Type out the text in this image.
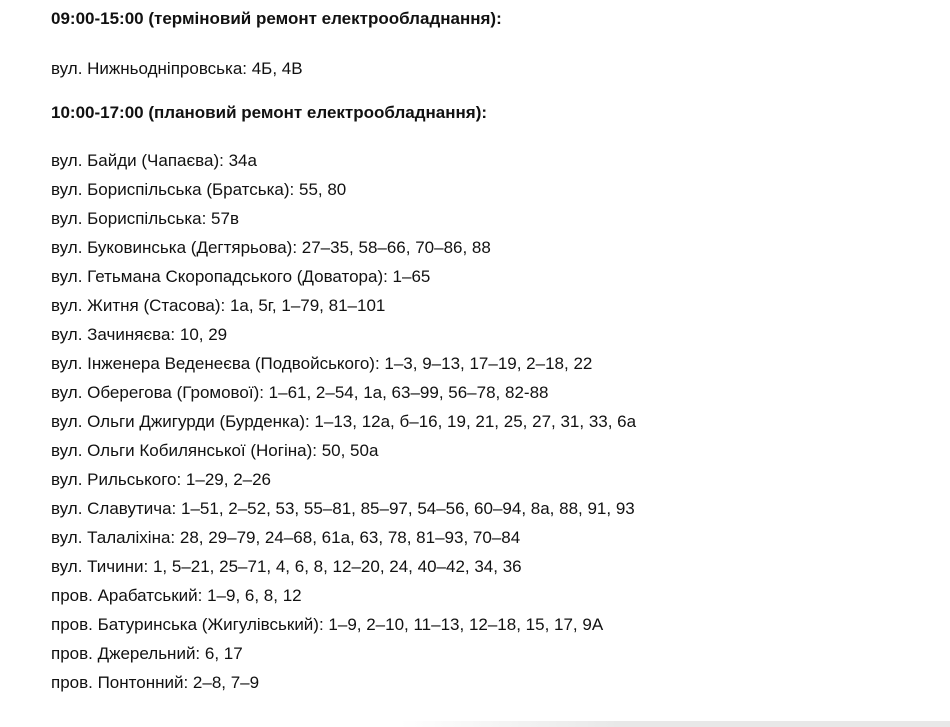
09:00-15:00 (терміновий ремонт електрообладнання):

вул. Нижньодніпровська: 4Б, 4В

10:00-17:00 (плановий ремонт електрообладнання):

вул. Байди (Чапаєва): 34а

вул. Бориспільська (Братська): 55, 80

вул. Бориспільська: 57в

вул. Буковинська (Дегтярьова): 27–35, 58–66, 70–86, 88

вул. Гетьмана Скоропадського (Доватора): 1–65

вул. Житня (Стасова): 1а, 5г, 1–79, 81–101

вул. Зачиняєва: 10, 29

вул. Інженера Веденеєва (Подвойського): 1–3, 9–13, 17–19, 2–18, 22

вул. Оберегова (Громової): 1–61, 2–54, 1а, 63–99, 56–78, 82-88

вул. Ольги Джигурди (Бурденка): 1–13, 12а, б–16, 19, 21, 25, 27, 31, 33, 6а

вул. Ольги Кобилянської (Ногіна): 50, 50а

вул. Рильського: 1–29, 2–26

вул. Славутича: 1–51, 2–52, 53, 55–81, 85–97, 54–56, 60–94, 8а, 88, 91, 93

вул. Талаліхіна: 28, 29–79, 24–68, 61а, 63, 78, 81–93, 70–84

вул. Тичини: 1, 5–21, 25–71, 4, 6, 8, 12–20, 24, 40–42, 34, 36

пров. Арабатський: 1–9, 6, 8, 12

пров. Батуринська (Жигулівський): 1–9, 2–10, 11–13, 12–18, 15, 17, 9А

пров. Джерельний: 6, 17

пров. Понтонний: 2–8, 7–9
